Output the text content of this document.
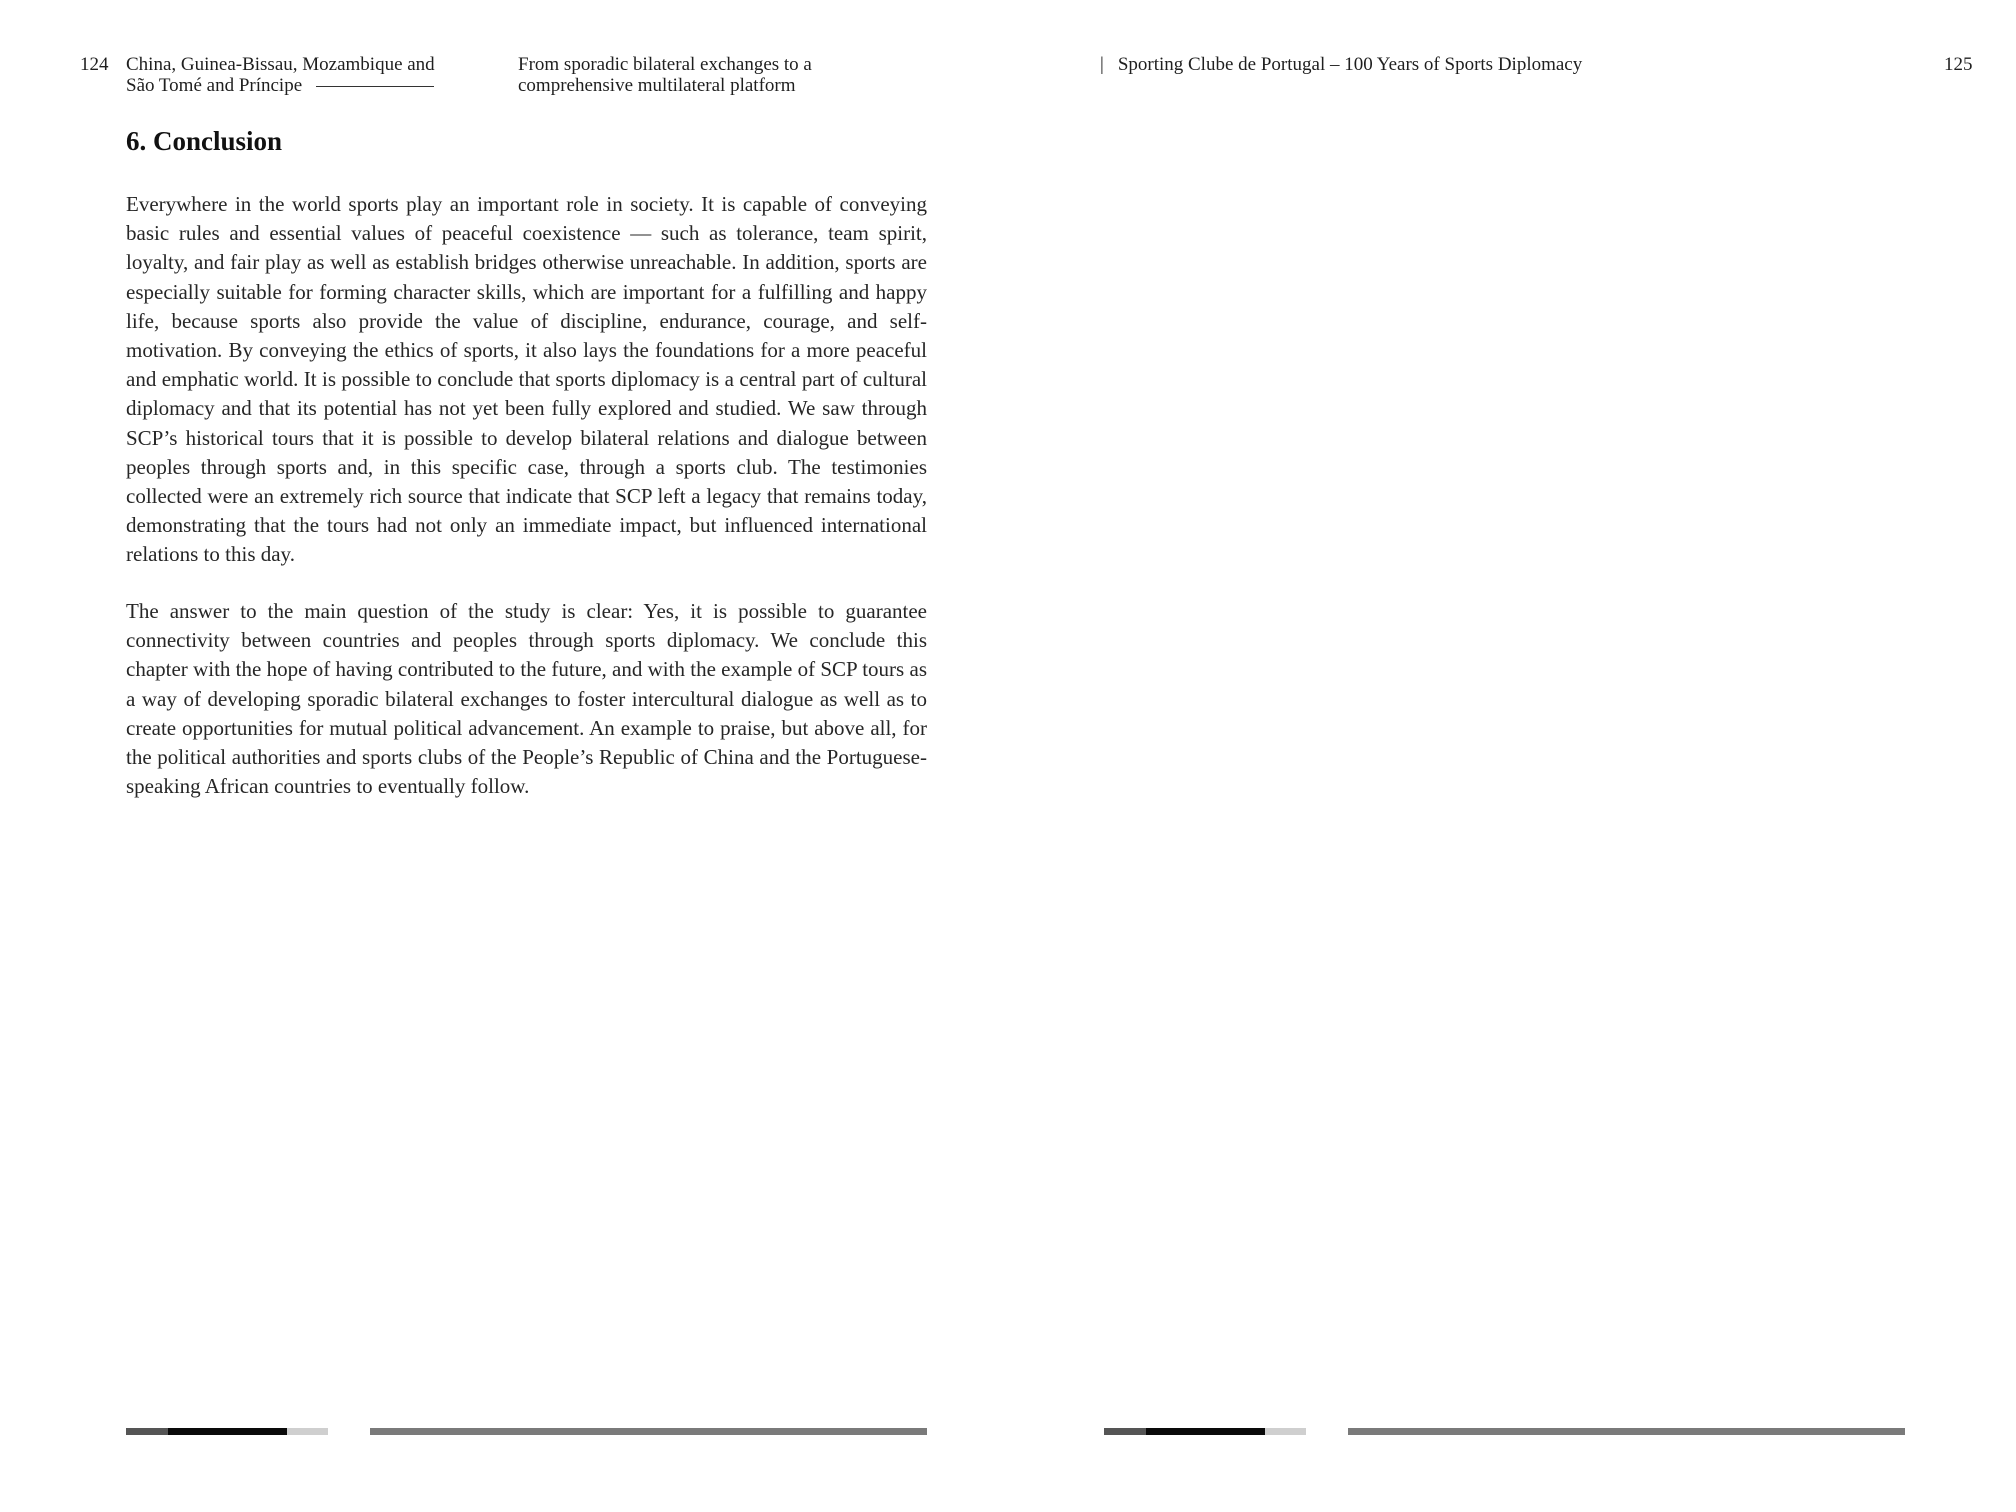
124 China, Guinea-Bissau, Mozambique and
São Tomé and Príncipe
From sporadic bilateral exchanges to a
comprehensive multilateral platform
| Sporting Clube de Portugal – 100 Years of Sports Diplomacy	125
6. Conclusion

Everywhere in the world sports play an important role in society. It is capable of conveying basic rules and essential values of peaceful coexistence — such as tolerance, team spirit, loyalty, and fair play as well as establish bridges otherwise unreachable. In addition, sports are especially suitable for forming character skills, which are important for a fulfilling and happy life, because sports also provide the value of discipline, endurance, courage, and self-motivation. By conveying the ethics of sports, it also lays the foundations for a more peaceful and emphatic world. It is possible to conclude that sports diplomacy is a central part of cultural diplomacy and that its potential has not yet been fully explored and studied. We saw through SCP’s historical tours that it is possible to develop bilateral relations and dialogue between peoples through sports and, in this specific case, through a sports club. The testimonies collected were an extremely rich source that indicate that SCP left a legacy that remains today, demonstrating that the tours had not only an immediate impact, but influenced international relations to this day.

The answer to the main question of the study is clear: Yes, it is possible to guarantee connectivity between countries and peoples through sports diplomacy. We conclude this chapter with the hope of having contributed to the future, and with the example of SCP tours as a way of developing sporadic bilateral exchanges to foster intercultural dialogue as well as to create opportunities for mutual political advancement. An example to praise, but above all, for the political authorities and sports clubs of the People’s Republic of China and the Portuguese-speaking African countries to eventually follow.
